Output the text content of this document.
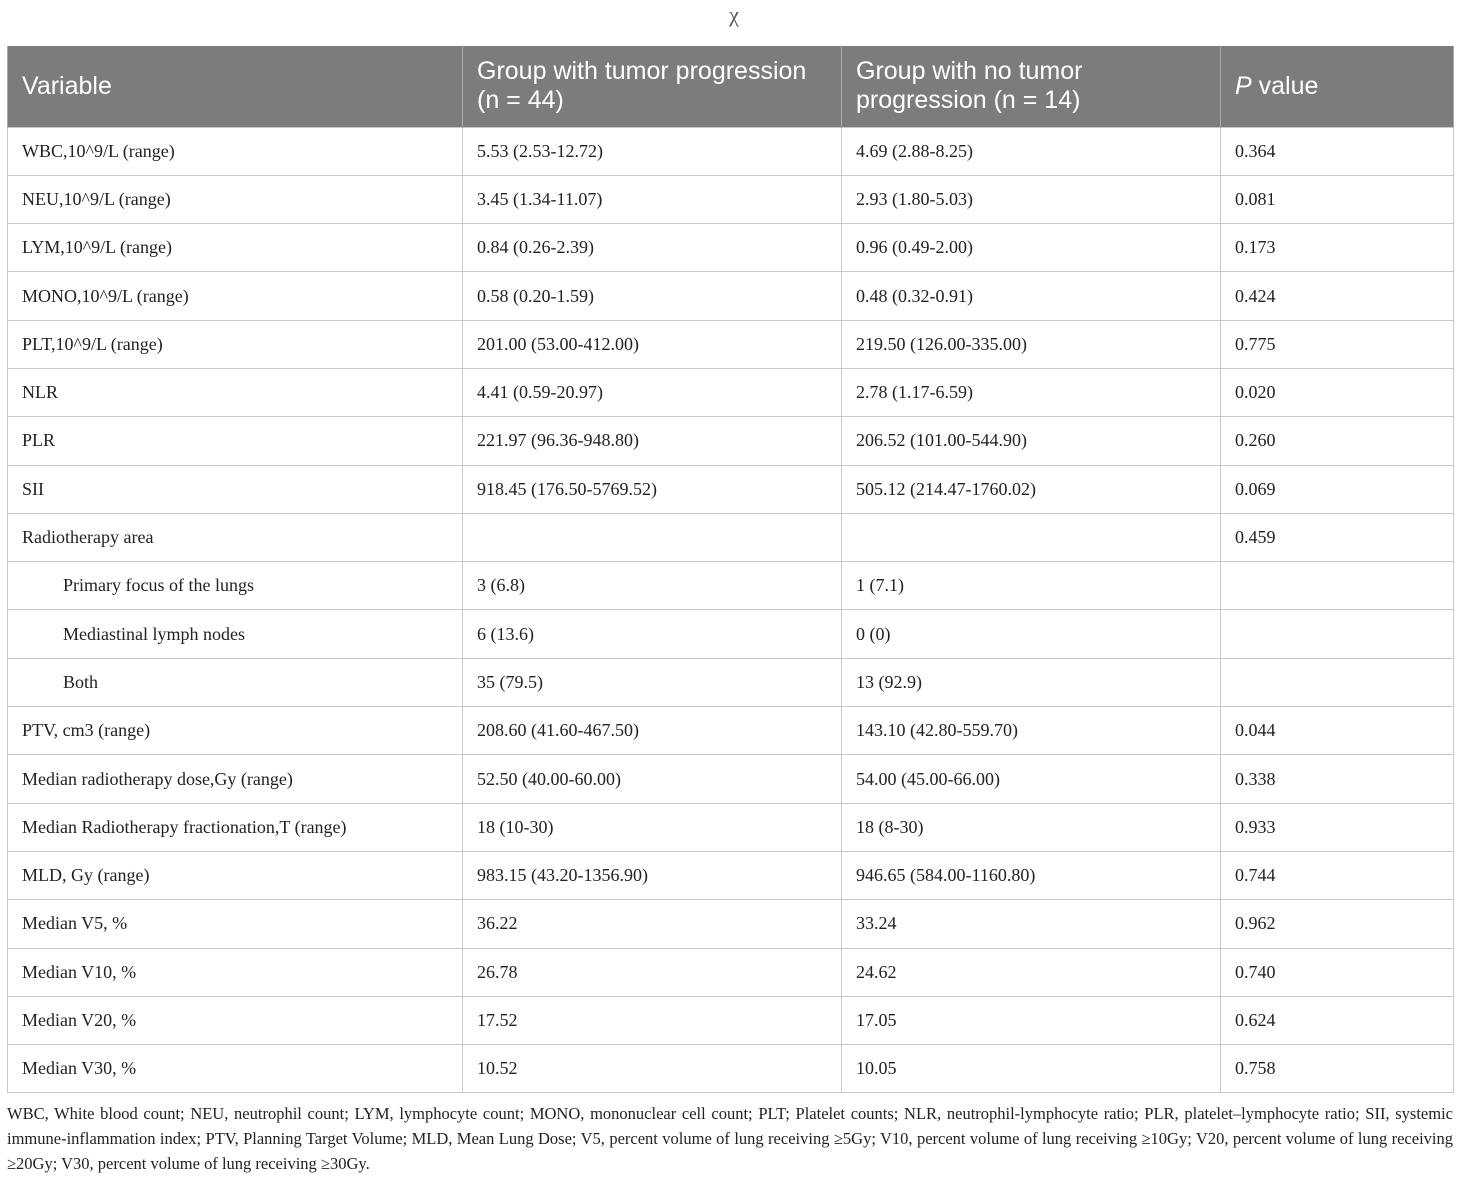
χ
Variable	Group with tumor progression (n = 44)	Group with no tumor progression (n = 14)	P value
WBC,10^9/L (range)	5.53 (2.53-12.72)	4.69 (2.88-8.25)	0.364
NEU,10^9/L (range)	3.45 (1.34-11.07)	2.93 (1.80-5.03)	0.081
LYM,10^9/L (range)	0.84 (0.26-2.39)	0.96 (0.49-2.00)	0.173
MONO,10^9/L (range)	0.58 (0.20-1.59)	0.48 (0.32-0.91)	0.424
PLT,10^9/L (range)	201.00 (53.00-412.00)	219.50 (126.00-335.00)	0.775
NLR	4.41 (0.59-20.97)	2.78 (1.17-6.59)	0.020
PLR	221.97 (96.36-948.80)	206.52 (101.00-544.90)	0.260
SII	918.45 (176.50-5769.52)	505.12 (214.47-1760.02)	0.069
Radiotherapy area			0.459
Primary focus of the lungs	3 (6.8)	1 (7.1)	
Mediastinal lymph nodes	6 (13.6)	0 (0)	
Both	35 (79.5)	13 (92.9)	
PTV, cm3 (range)	208.60 (41.60-467.50)	143.10 (42.80-559.70)	0.044
Median radiotherapy dose,Gy (range)	52.50 (40.00-60.00)	54.00 (45.00-66.00)	0.338
Median Radiotherapy fractionation,T (range)	18 (10-30)	18 (8-30)	0.933
MLD, Gy (range)	983.15 (43.20-1356.90)	946.65 (584.00-1160.80)	0.744
Median V5, %	36.22	33.24	0.962
Median V10, %	26.78	24.62	0.740
Median V20, %	17.52	17.05	0.624
Median V30, %	10.52	10.05	0.758
WBC, White blood count; NEU, neutrophil count; LYM, lymphocyte count; MONO, mononuclear cell count; PLT; Platelet counts; NLR, neutrophil-lymphocyte ratio; PLR, platelet–lymphocyte ratio; SII, systemic immune-inflammation index; PTV, Planning Target Volume; MLD, Mean Lung Dose; V5, percent volume of lung receiving ≥5Gy; V10, percent volume of lung receiving ≥10Gy; V20, percent volume of lung receiving ≥20Gy; V30, percent volume of lung receiving ≥30Gy.
